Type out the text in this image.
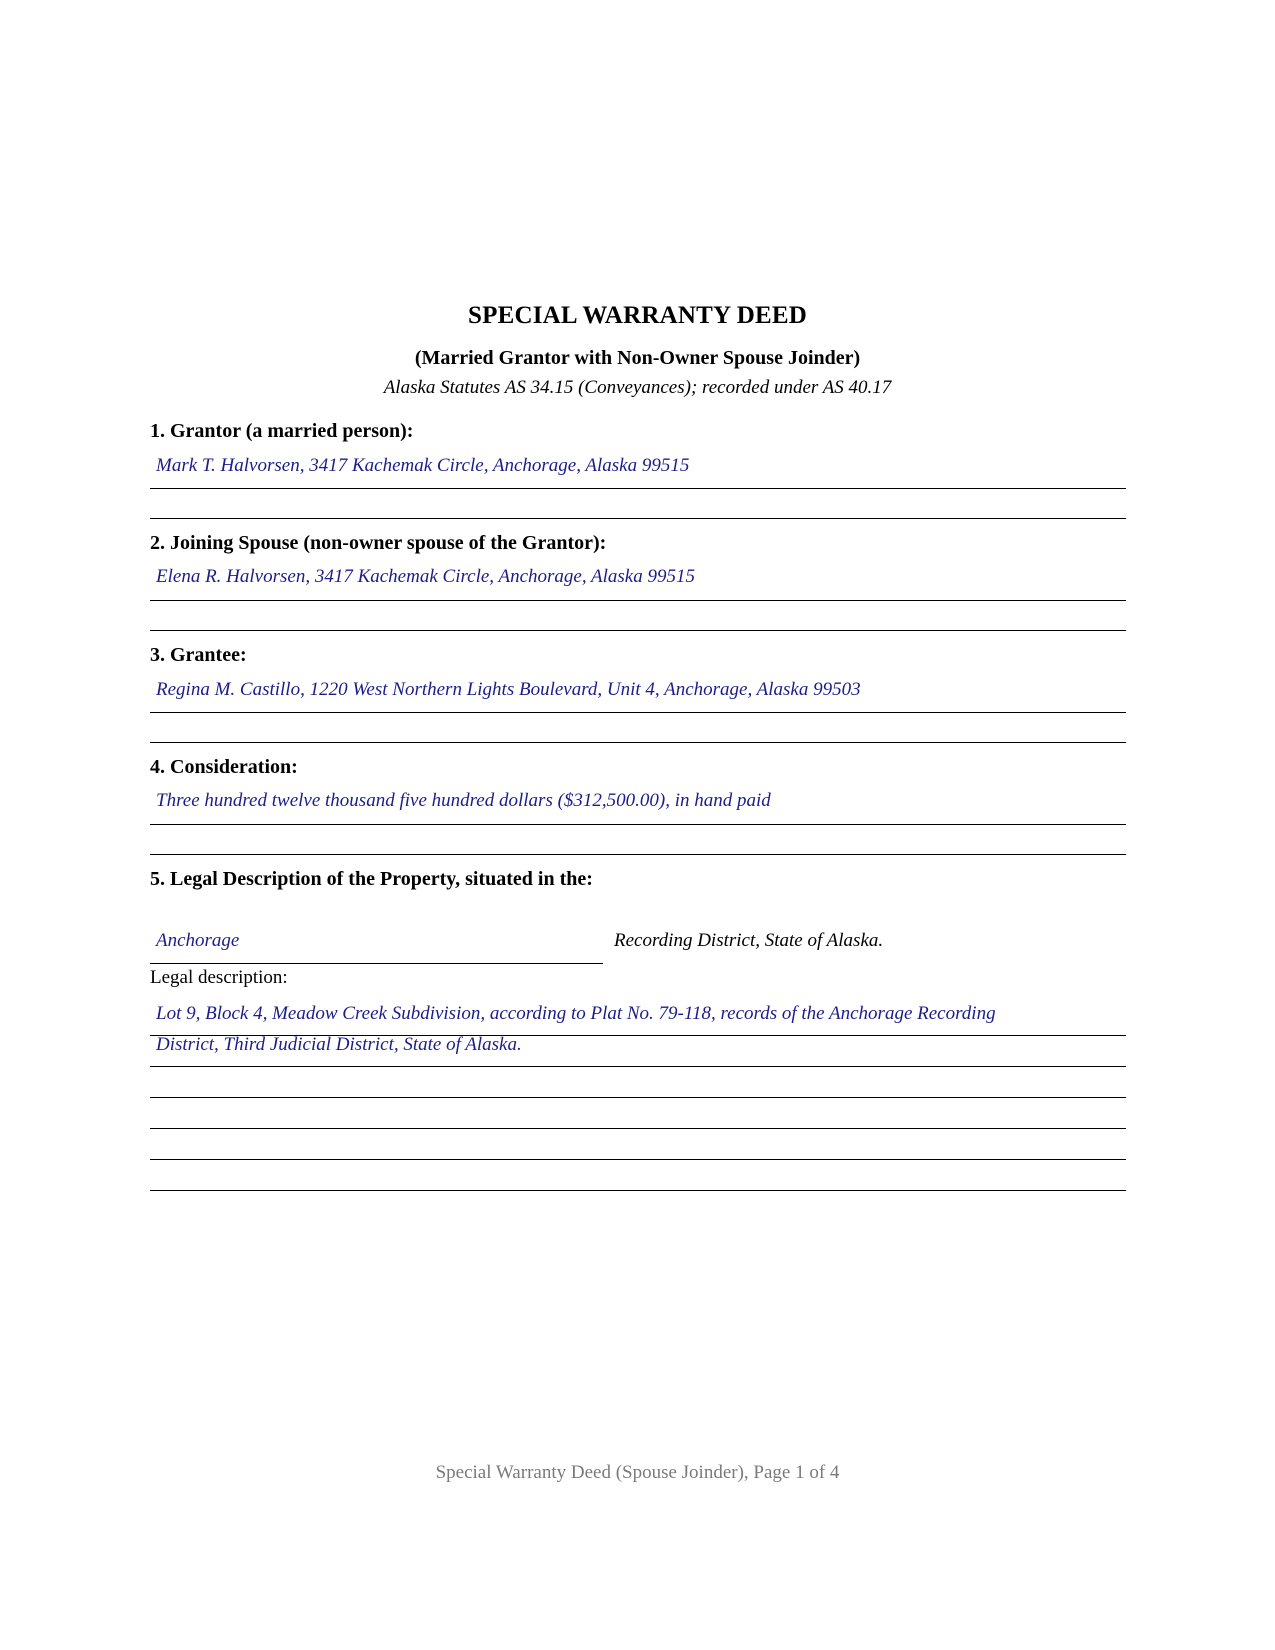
SPECIAL WARRANTY DEED
(Married Grantor with Non-Owner Spouse Joinder)
Alaska Statutes AS 34.15 (Conveyances); recorded under AS 40.17
1. Grantor (a married person):
Mark T. Halvorsen, 3417 Kachemak Circle, Anchorage, Alaska 99515
2. Joining Spouse (non-owner spouse of the Grantor):
Elena R. Halvorsen, 3417 Kachemak Circle, Anchorage, Alaska 99515
3. Grantee:
Regina M. Castillo, 1220 West Northern Lights Boulevard, Unit 4, Anchorage, Alaska 99503
4. Consideration:
Three hundred twelve thousand five hundred dollars ($312,500.00), in hand paid
5. Legal Description of the Property, situated in the:
Anchorage	Recording District, State of Alaska.
Legal description:
Lot 9, Block 4, Meadow Creek Subdivision, according to Plat No. 79-118, records of the Anchorage Recording
District, Third Judicial District, State of Alaska.
Special Warranty Deed (Spouse Joinder), Page 1 of 4
